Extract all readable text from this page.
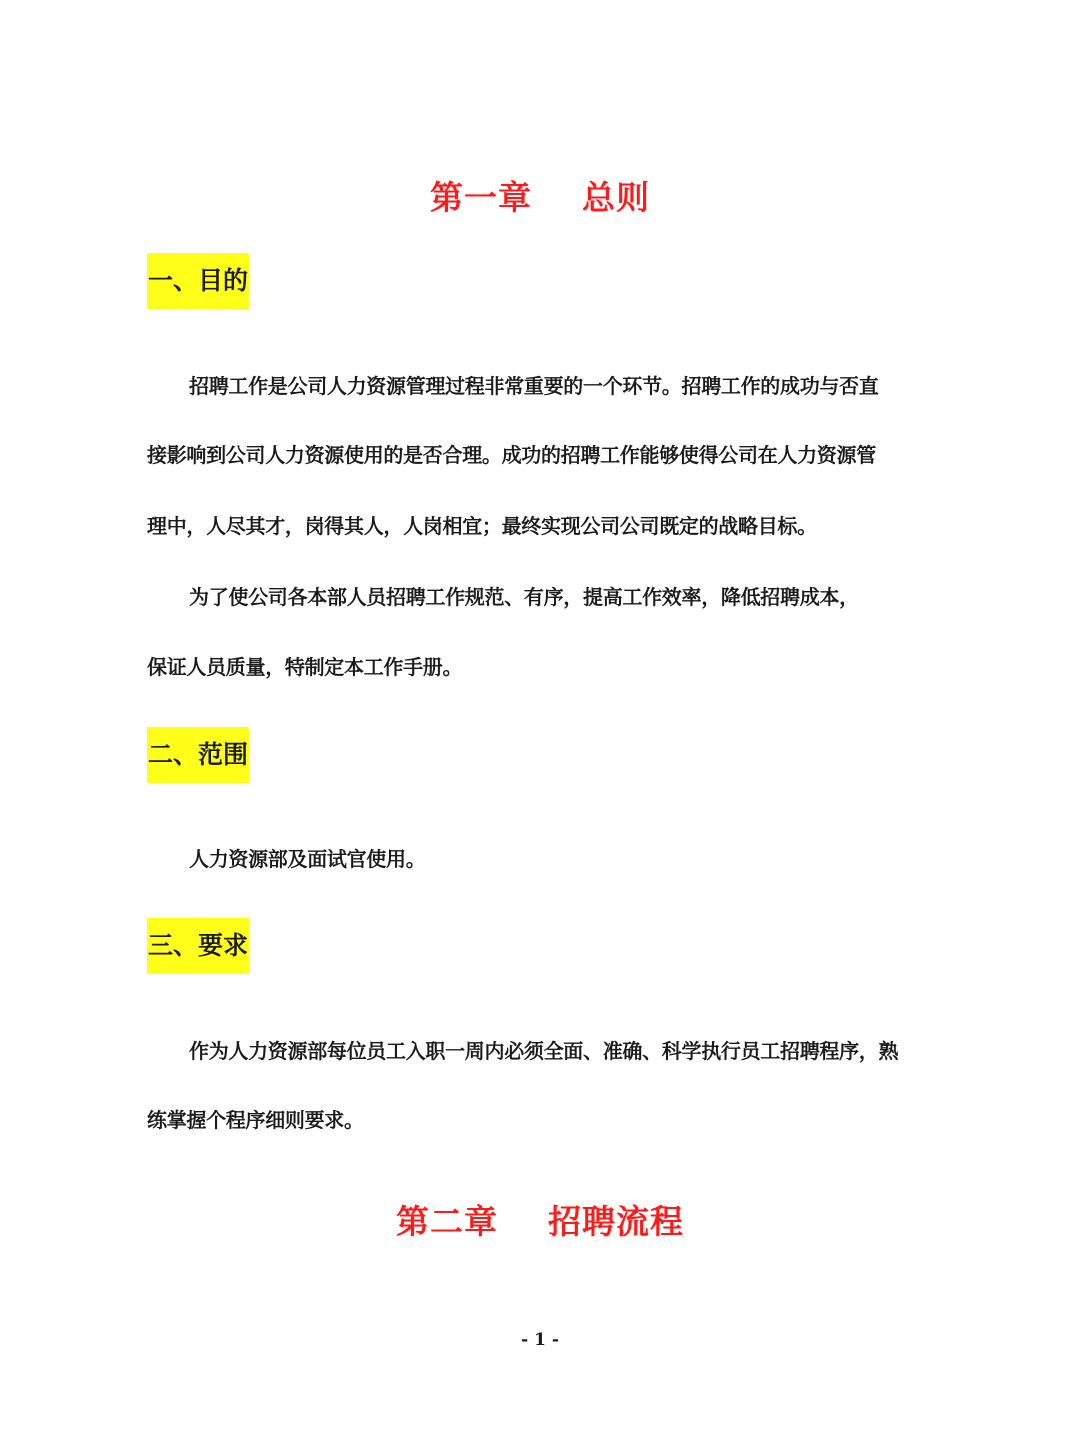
第一章    总则
一、目的
招聘工作是公司人力资源管理过程非常重要的一个环节。招聘工作的成功与否直
接影响到公司人力资源使用的是否合理。成功的招聘工作能够使得公司在人力资源管
理中，人尽其才，岗得其人，人岗相宜；最终实现公司公司既定的战略目标。
为了使公司各本部人员招聘工作规范、有序，提高工作效率，降低招聘成本，
保证人员质量，特制定本工作手册。
二、范围
人力资源部及面试官使用。
三、要求
作为人力资源部每位员工入职一周内必须全面、准确、科学执行员工招聘程序，熟
练掌握个程序细则要求。
第二章    招聘流程
- 1 -
